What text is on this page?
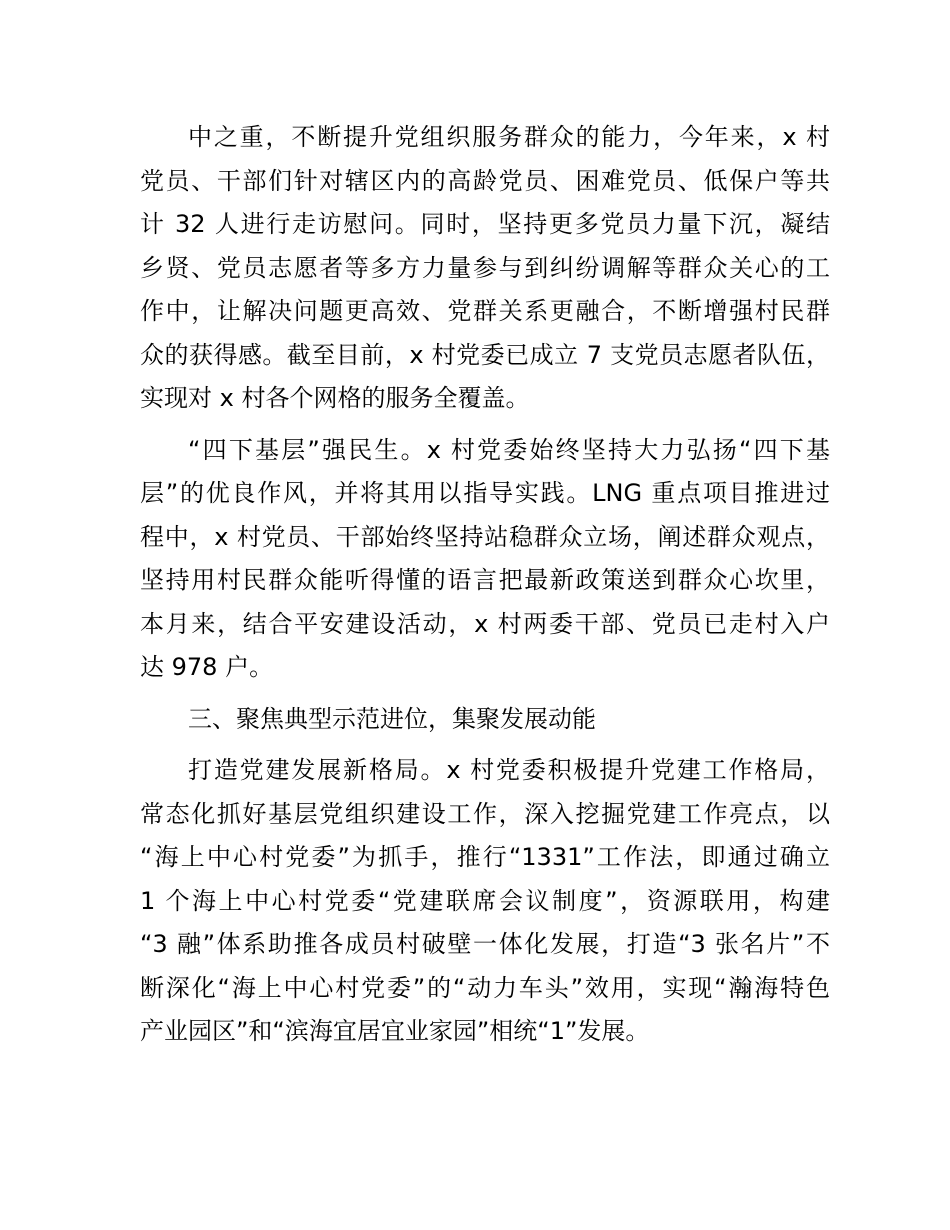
中之重，不断提升党组织服务群众的能力，今年来，x 村
党员、干部们针对辖区内的高龄党员、困难党员、低保户等共
计 32 人进行走访慰问。同时，坚持更多党员力量下沉，凝结
乡贤、党员志愿者等多方力量参与到纠纷调解等群众关心的工
作中，让解决问题更高效、党群关系更融合，不断增强村民群
众的获得感。截至目前，x 村党委已成立 7 支党员志愿者队伍，
实现对 x 村各个网格的服务全覆盖。
“四下基层”强民生。x 村党委始终坚持大力弘扬“四下基
层”的优良作风，并将其用以指导实践。LNG 重点项目推进过
程中，x 村党员、干部始终坚持站稳群众立场，阐述群众观点，
坚持用村民群众能听得懂的语言把最新政策送到群众心坎里，
本月来，结合平安建设活动，x 村两委干部、党员已走村入户
达 978 户。
三、聚焦典型示范进位，集聚发展动能
打造党建发展新格局。x 村党委积极提升党建工作格局，
常态化抓好基层党组织建设工作，深入挖掘党建工作亮点，以
“海上中心村党委”为抓手，推行“1331”工作法，即通过确立
1 个海上中心村党委“党建联席会议制度”，资源联用，构建
“3 融”体系助推各成员村破壁一体化发展，打造“3 张名片”不
断深化“海上中心村党委”的“动力车头”效用，实现“瀚海特色
产业园区”和“滨海宜居宜业家园”相统“1”发展。
